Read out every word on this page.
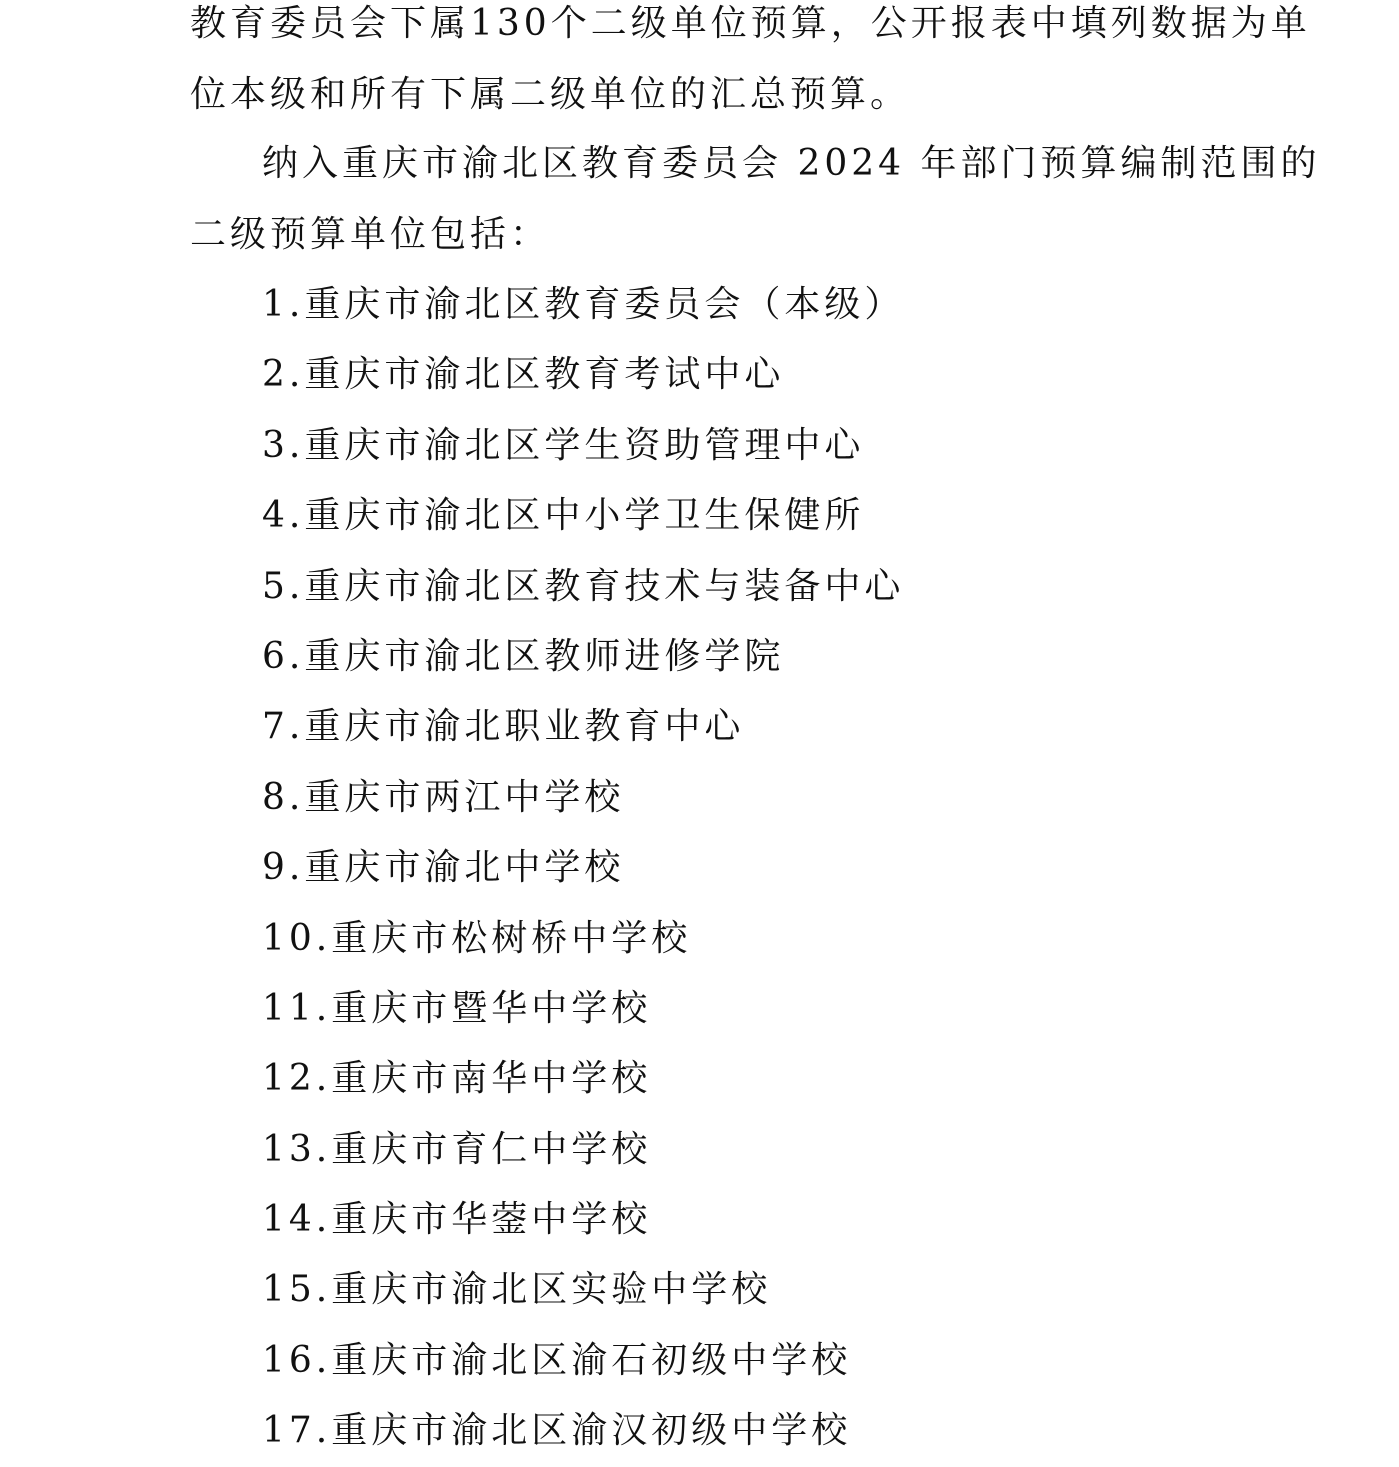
教育委员会下属130个二级单位预算，公开报表中填列数据为单
位本级和所有下属二级单位的汇总预算。
纳入重庆市渝北区教育委员会 2024 年部门预算编制范围的
二级预算单位包括：
1.重庆市渝北区教育委员会（本级）
2.重庆市渝北区教育考试中心
3.重庆市渝北区学生资助管理中心
4.重庆市渝北区中小学卫生保健所
5.重庆市渝北区教育技术与装备中心
6.重庆市渝北区教师进修学院
7.重庆市渝北职业教育中心
8.重庆市两江中学校
9.重庆市渝北中学校
10.重庆市松树桥中学校
11.重庆市暨华中学校
12.重庆市南华中学校
13.重庆市育仁中学校
14.重庆市华蓥中学校
15.重庆市渝北区实验中学校
16.重庆市渝北区渝石初级中学校
17.重庆市渝北区渝汉初级中学校
